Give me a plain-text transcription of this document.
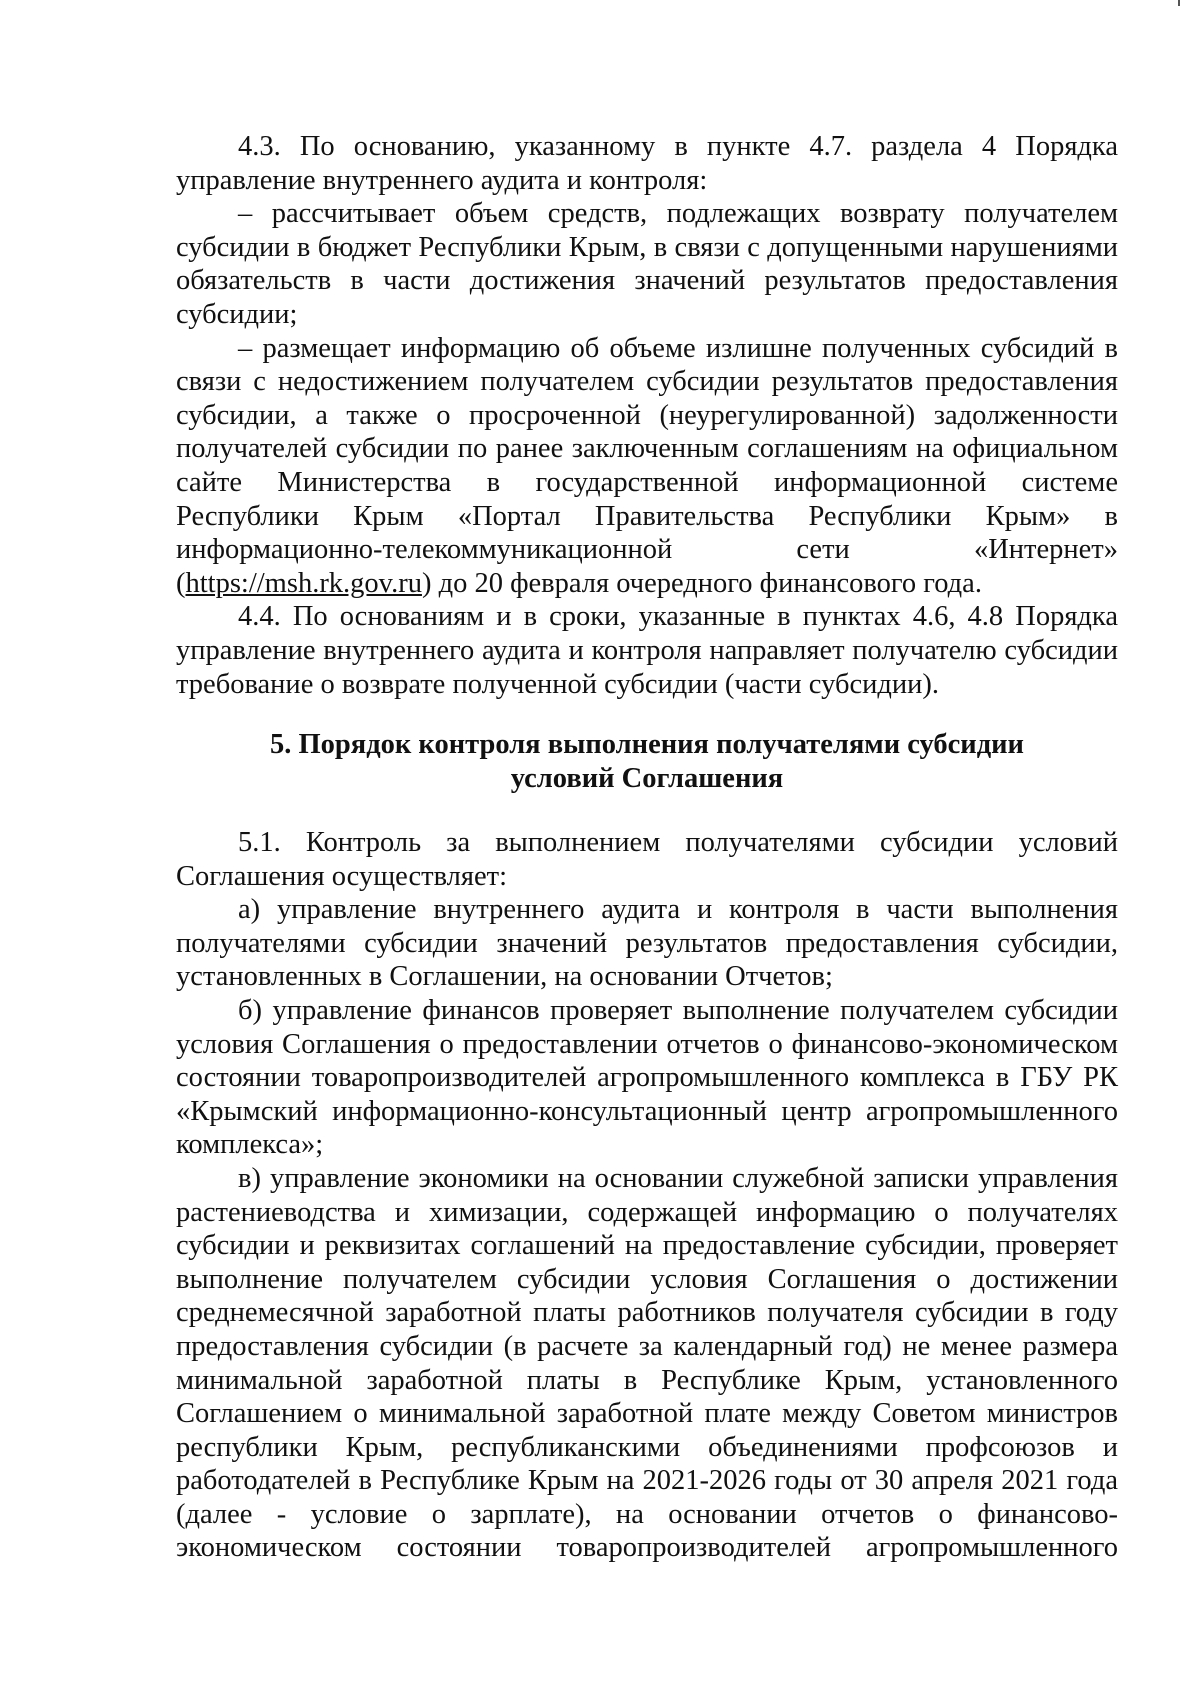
4.3. По основанию, указанному в пункте 4.7. раздела 4 Порядка управление внутреннего аудита и контроля:

– рассчитывает объем средств, подлежащих возврату получателем субсидии в бюджет Республики Крым, в связи с допущенными нарушениями обязательств в части достижения значений результатов предоставления субсидии;

– размещает информацию об объеме излишне полученных субсидий в связи с недостижением получателем субсидии результатов предоставления субсидии, а также о просроченной (неурегулированной) задолженности получателей субсидии по ранее заключенным соглашениям на официальном сайте Министерства в государственной информационной системе Республики Крым «Портал Правительства Республики Крым» в информационно-телекоммуникационной сети «Интернет» (https://msh.rk.gov.ru) до 20 февраля очередного финансового года.

4.4. По основаниям и в сроки, указанные в пунктах 4.6, 4.8 Порядка управление внутреннего аудита и контроля направляет получателю субсидии требование о возврате полученной субсидии (части субсидии).

5. Порядок контроля выполнения получателями субсидии
условий Соглашения

5.1. Контроль за выполнением получателями субсидии условий Соглашения осуществляет:

а) управление внутреннего аудита и контроля в части выполнения получателями субсидии значений результатов предоставления субсидии, установленных в Соглашении, на основании Отчетов;

б) управление финансов проверяет выполнение получателем субсидии условия Соглашения о предоставлении отчетов о финансово-экономическом состоянии товаропроизводителей агропромышленного комплекса в ГБУ РК «Крымский информационно-консультационный центр агропромышленного комплекса»;

в) управление экономики на основании служебной записки управления растениеводства и химизации, содержащей информацию о получателях субсидии и реквизитах соглашений на предоставление субсидии, проверяет выполнение получателем субсидии условия Соглашения о достижении среднемесячной заработной платы работников получателя субсидии в году предоставления субсидии (в расчете за календарный год) не менее размера минимальной заработной платы в Республике Крым, установленного Соглашением о минимальной заработной плате между Советом министров республики Крым, республиканскими объединениями профсоюзов и работодателей в Республике Крым на 2021-2026 годы от 30 апреля 2021 года (далее - условие о зарплате), на основании отчетов о финансово-экономическом состоянии товаропроизводителей агропромышленного
